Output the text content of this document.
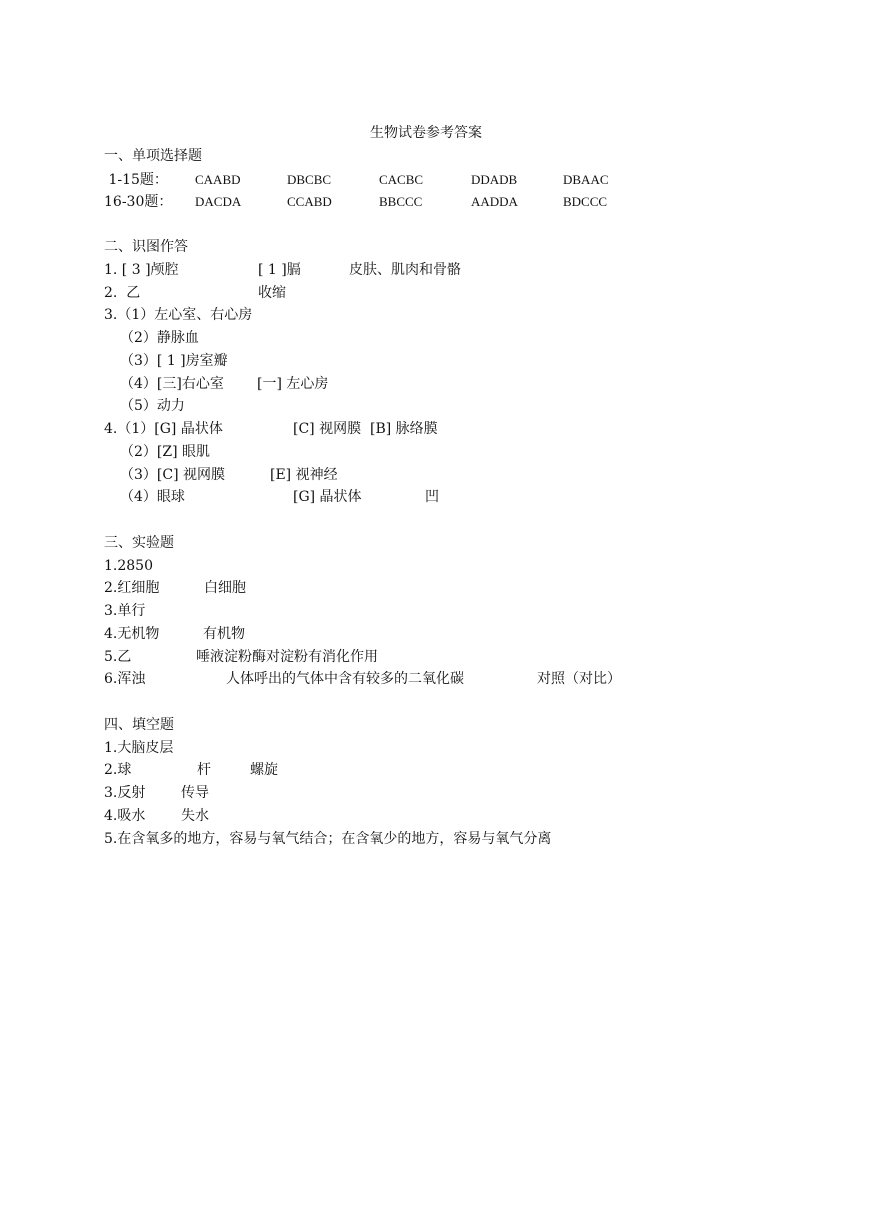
生物试卷参考答案
一、单项选择题
1-15题： CAABD	DBCBC	CACBC	DDADB	DBAAC
16-30题： DACDA	CCABD	BBCCC	AADDA	BDCCC
二、识图作答
1. [ 3 ]颅腔	[ 1 ]膈	皮肤、肌肉和骨骼
2.  乙	收缩
3.（1）左心室、右心房
（2）静脉血
（3）[ 1 ]房室瓣
（4）[三]右心室 [一] 左心房
（5）动力
4.（1）[G] 晶状体	[C] 视网膜  [B] 脉络膜
（2）[Z] 眼肌
（3）[C] 视网膜	[E] 视神经
（4）眼球	[G] 晶状体	凹
三、实验题
1.2850
2.红细胞	白细胞
3.单行
4.无机物	有机物
5.乙	唾液淀粉酶对淀粉有消化作用
6.浑浊	人体呼出的气体中含有较多的二氧化碳	对照（对比）
四、填空题
1.大脑皮层
2.球	杆	螺旋
3.反射	传导
4.吸水	失水
5.在含氧多的地方，容易与氧气结合；在含氧少的地方，容易与氧气分离
